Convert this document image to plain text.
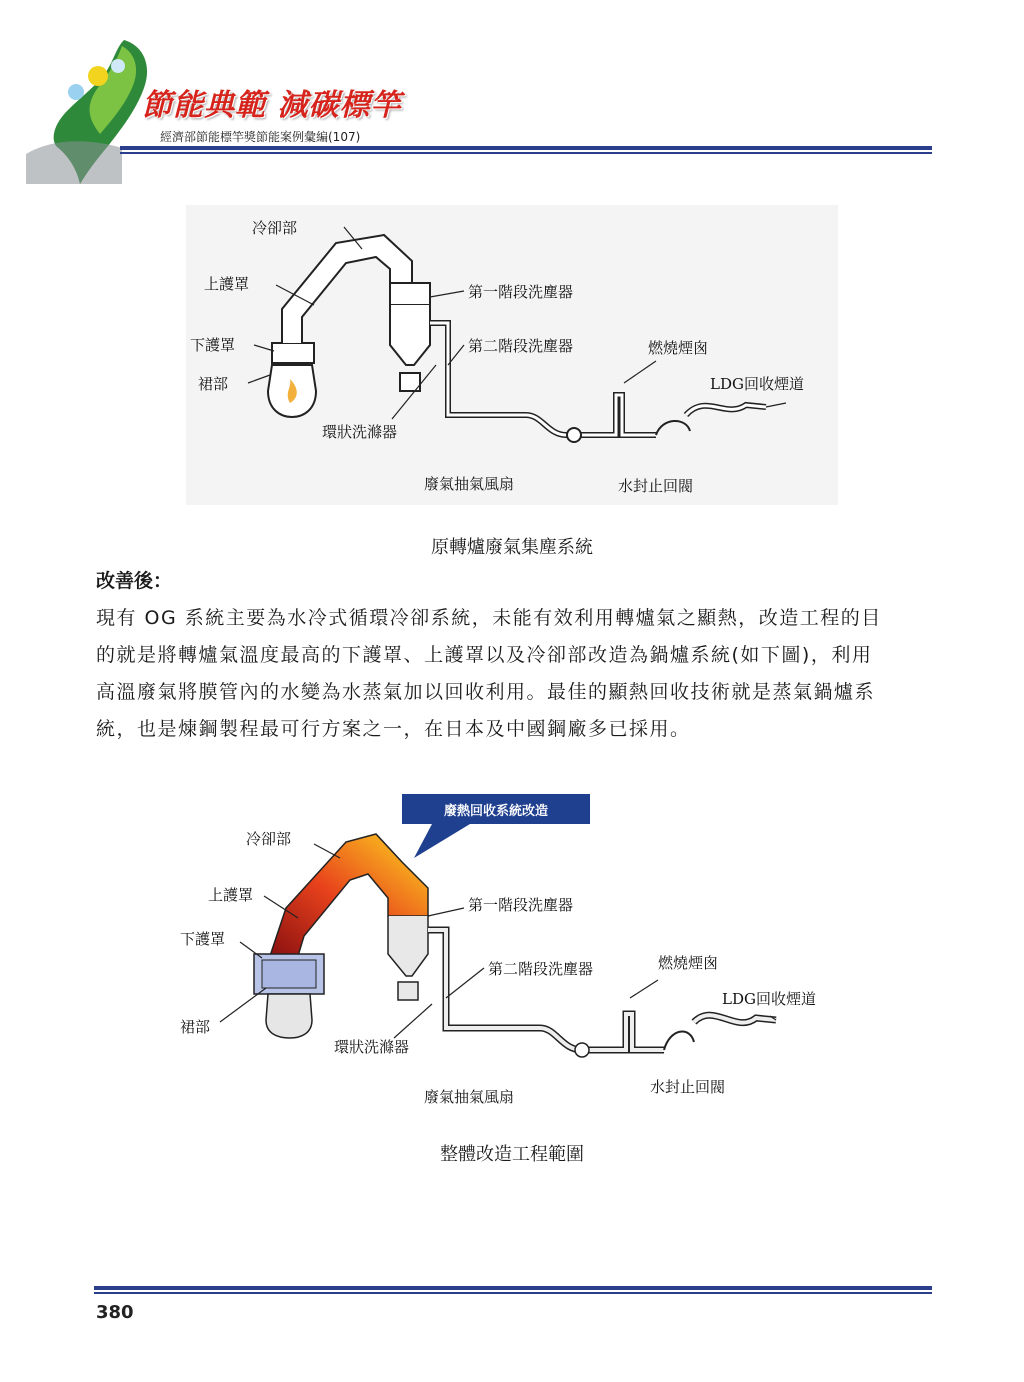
節能典範 減碳標竿
經濟部節能標竿獎節能案例彙編(107)
冷卻部
上護罩
下護罩
裙部
第一階段洗塵器
第二階段洗塵器	燃燒煙囪
LDG回收煙道
環狀洗滌器
廢氣抽氣風扇	水封止回閥
原轉爐廢氣集塵系統
改善後：

現有 OG 系統主要為水冷式循環冷卻系統，未能有效利用轉爐氣之顯熱，改造工程的目

的就是將轉爐氣溫度最高的下護罩、上護罩以及冷卻部改造為鍋爐系統(如下圖)，利用

高溫廢氣將膜管內的水變為水蒸氣加以回收利用。最佳的顯熱回收技術就是蒸氣鍋爐系

統，也是煉鋼製程最可行方案之一，在日本及中國鋼廠多已採用。

廢熱回收系統改造
冷卻部
上護罩
下護罩
裙部
第一階段洗塵器
第二階段洗塵器	燃燒煙囪
LDG回收煙道
環狀洗滌器
廢氣抽氣風扇
水封止回閥
整體改造工程範圍
380
